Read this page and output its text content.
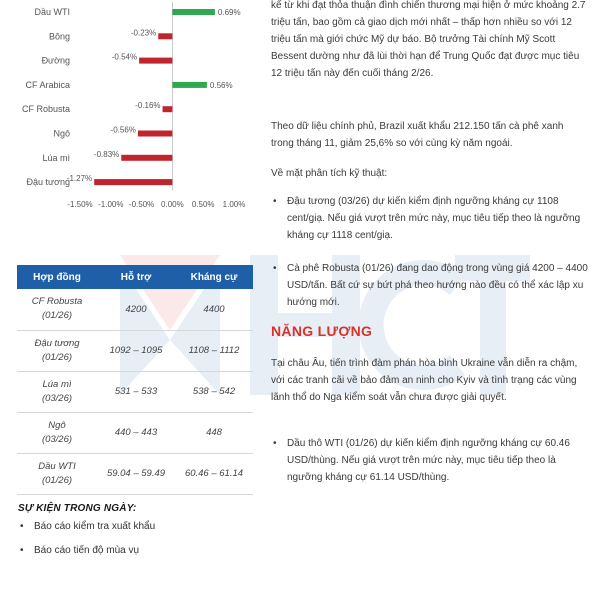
Dầu WTI	0.69%
Bông	-0.23%
Đường	-0.54%
CF Arabica	0.56%
CF Robusta	-0.16%
Ngô	-0.56%
Lúa mì	-0.83%
Đậu tương
-1.27%
-1.50% -1.00% -0.50% 0.00% 0.50% 1.00%
Hợp đồng	Hỗ trợ	Kháng cự
CF Robusta
(01/26)	4200	4400
Đậu tương
(01/26)	1092 – 1095	1108 – 1112
Lúa mì
(03/26)	531 – 533	538 – 542
Ngô
(03/26)	440 – 443	448
Dầu WTI
(01/26)	59.04 – 59.49	60.46 – 61.14
SỰ KIỆN TRONG NGÀY:
• Báo cáo kiểm tra xuất khẩu
• Báo cáo tiến độ mùa vụ

kể từ khi đạt thỏa thuận đình chiến thương mại hiện ở mức khoảng 2.7 triệu tấn, bao gồm cả giao dịch mới nhất – thấp hơn nhiều so với 12 triệu tấn mà giới chức Mỹ dự báo. Bộ trưởng Tài chính Mỹ Scott Bessent dường như đã lùi thời hạn để Trung Quốc đạt được mục tiêu 12 triệu tấn này đến cuối tháng 2/26.

Theo dữ liệu chính phủ, Brazil xuất khẩu 212.150 tấn cà phê xanh trong tháng 11, giảm 25,6% so với cùng kỳ năm ngoái.

Về mặt phân tích kỹ thuật:

• Đậu tương (03/26) dự kiến kiểm định ngưỡng kháng cự 1108 cent/giạ. Nếu giá vượt trên mức này, mục tiêu tiếp theo là ngưỡng kháng cự 1118 cent/giạ.

• Cà phê Robusta (01/26) đang dao động trong vùng giá 4200 – 4400 USD/tấn. Bất cứ sự bứt phá theo hướng nào đều có thể xác lập xu hướng mới.

NĂNG LƯỢNG

Tại châu Âu, tiến trình đàm phán hòa bình Ukraine vẫn diễn ra chậm, với các tranh cãi về bảo đảm an ninh cho Kyiv và tình trạng các vùng lãnh thổ do Nga kiểm soát vẫn chưa được giải quyết.

• Dầu thô WTI (01/26) dự kiến kiểm định ngưỡng kháng cự 60.46 USD/thùng. Nếu giá vượt trên mức này, mục tiêu tiếp theo là ngưỡng kháng cự 61.14 USD/thùng.
